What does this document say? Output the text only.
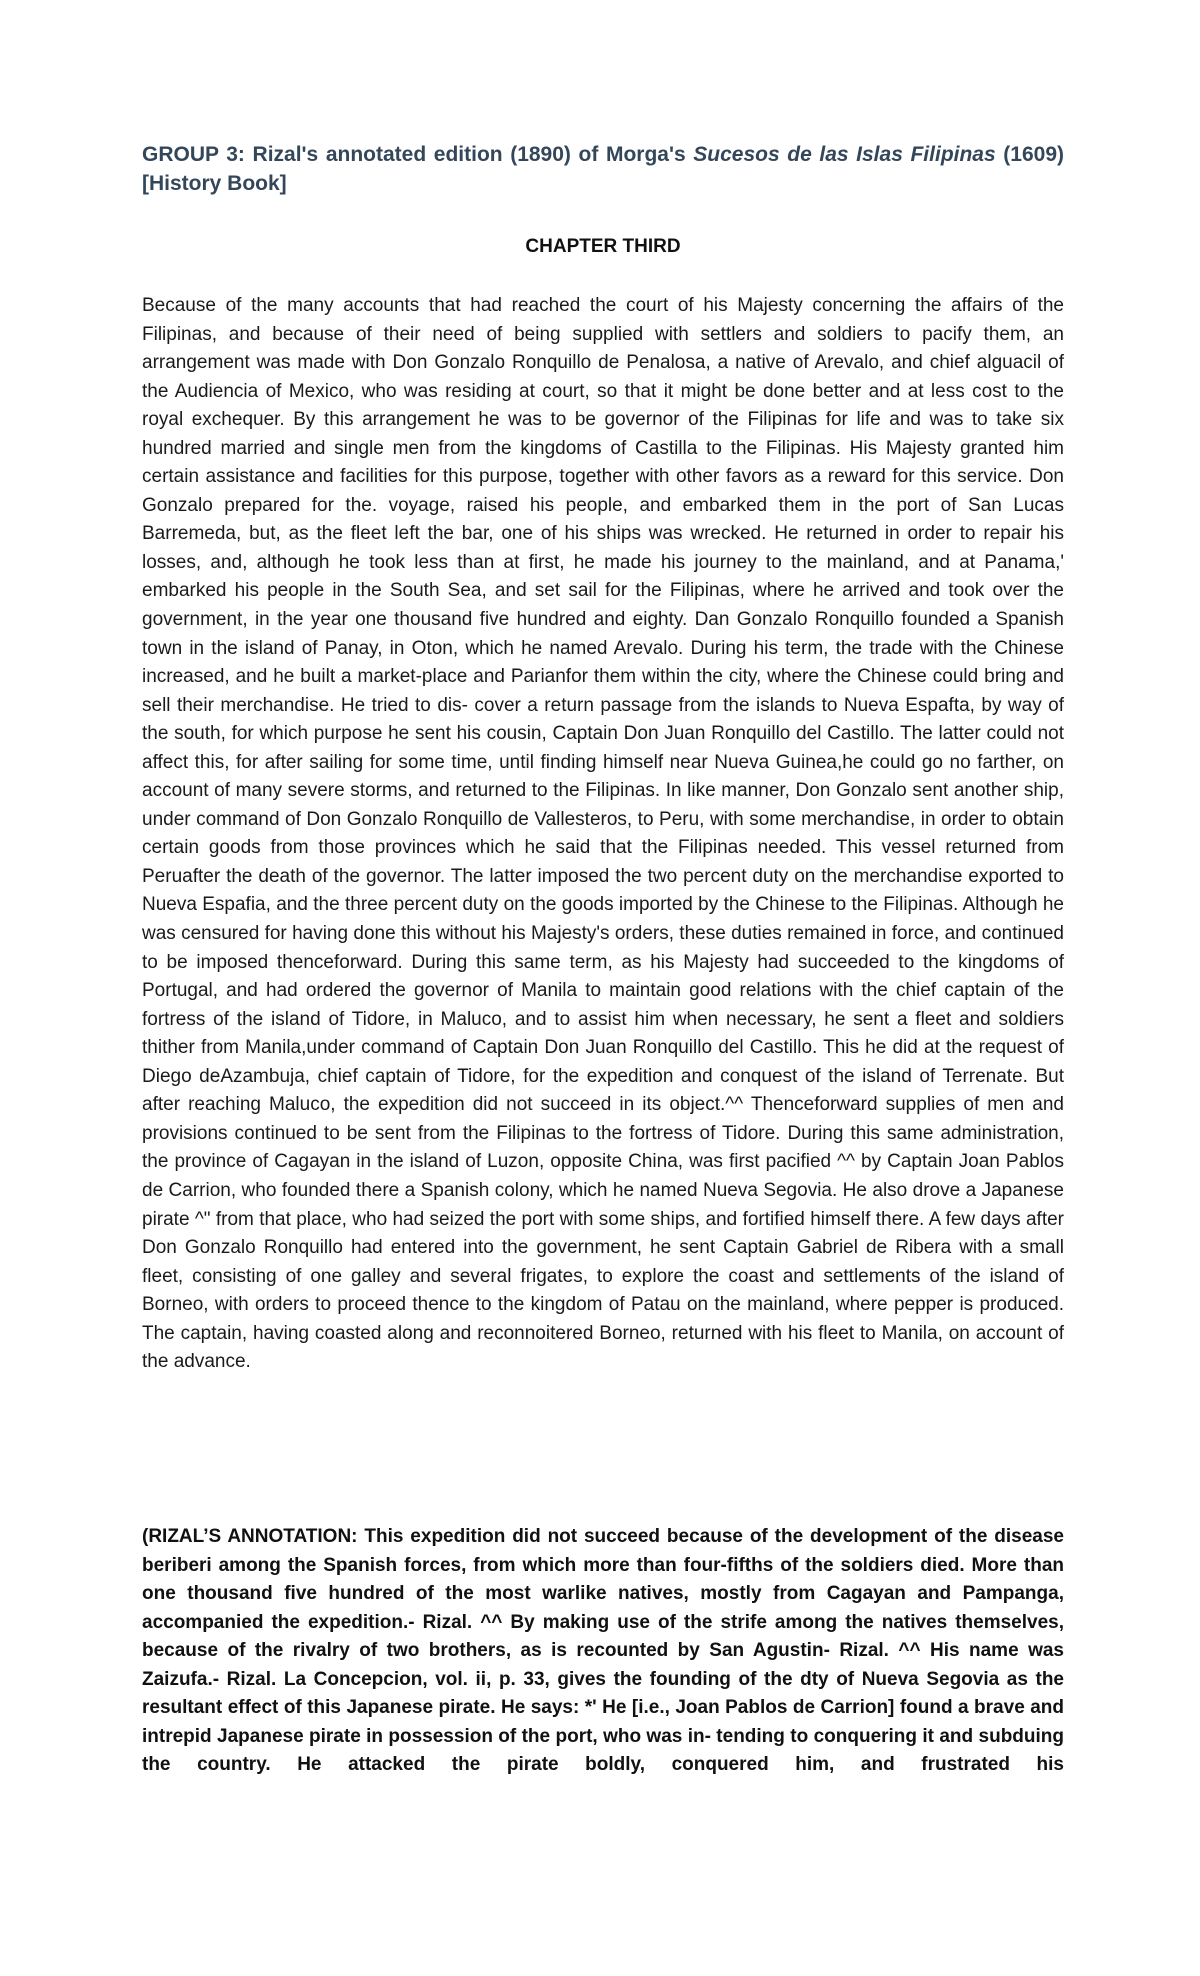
GROUP 3: Rizal's annotated edition (1890) of Morga's Sucesos de las Islas Filipinas (1609) [History Book]
CHAPTER THIRD

Because of the many accounts that had reached the court of his Majesty concerning the affairs of the Filipinas, and because of their need of being supplied with settlers and soldiers to pacify them, an arrangement was made with Don Gonzalo Ronquillo de Penalosa, a native of Arevalo, and chief alguacil of the Audiencia of Mexico, who was residing at court, so that it might be done better and at less cost to the royal exchequer. By this arrangement he was to be governor of the Filipinas for life and was to take six hundred married and single men from the kingdoms of Castilla to the Filipinas. His Majesty granted him certain assistance and facilities for this purpose, together with other favors as a reward for this service. Don Gonzalo prepared for the. voyage, raised his people, and embarked them in the port of San Lucas Barremeda, but, as the fleet left the bar, one of his ships was wrecked. He returned in order to repair his losses, and, although he took less than at first, he made his journey to the mainland, and at Panama,' embarked his people in the South Sea, and set sail for the Filipinas, where he arrived and took over the government, in the year one thousand five hundred and eighty. Dan Gonzalo Ronquillo founded a Spanish town in the island of Panay, in Oton, which he named Arevalo. During his term, the trade with the Chinese increased, and he built a market-place and Parianfor them within the city, where the Chinese could bring and sell their merchandise. He tried to dis- cover a return passage from the islands to Nueva Espafta, by way of the south, for which purpose he sent his cousin, Captain Don Juan Ronquillo del Castillo. The latter could not affect this, for after sailing for some time, until finding himself near Nueva Guinea,he could go no farther, on account of many severe storms, and returned to the Filipinas. In like manner, Don Gonzalo sent another ship, under command of Don Gonzalo Ronquillo de Vallesteros, to Peru, with some merchandise, in order to obtain certain goods from those provinces which he said that the Filipinas needed. This vessel returned from Peruafter the death of the governor. The latter imposed the two percent duty on the merchandise exported to Nueva Espafia, and the three percent duty on the goods imported by the Chinese to the Filipinas. Although he was censured for having done this without his Majesty's orders, these duties remained in force, and continued to be imposed thenceforward. During this same term, as his Majesty had succeeded to the kingdoms of Portugal, and had ordered the governor of Manila to maintain good relations with the chief captain of the fortress of the island of Tidore, in Maluco, and to assist him when necessary, he sent a fleet and soldiers thither from Manila,under command of Captain Don Juan Ronquillo del Castillo. This he did at the request of Diego deAzambuja, chief captain of Tidore, for the expedition and conquest of the island of Terrenate. But after reaching Maluco, the expedition did not succeed in its object.^^ Thenceforward supplies of men and provisions continued to be sent from the Filipinas to the fortress of Tidore. During this same administration, the province of Cagayan in the island of Luzon, opposite China, was first pacified ^^ by Captain Joan Pablos de Carrion, who founded there a Spanish colony, which he named Nueva Segovia. He also drove a Japanese pirate ^" from that place, who had seized the port with some ships, and fortified himself there. A few days after Don Gonzalo Ronquillo had entered into the government, he sent Captain Gabriel de Ribera with a small fleet, consisting of one galley and several frigates, to explore the coast and settlements of the island of Borneo, with orders to proceed thence to the kingdom of Patau on the mainland, where pepper is produced. The captain, having coasted along and reconnoitered Borneo, returned with his fleet to Manila, on account of the advance.

(RIZAL’S ANNOTATION: This expedition did not succeed because of the development of the disease beriberi among the Spanish forces, from which more than four-fifths of the soldiers died. More than one thousand five hundred of the most warlike natives, mostly from Cagayan and Pampanga, accompanied the expedition.- Rizal. ^^ By making use of the strife among the natives themselves, because of the rivalry of two brothers, as is recounted by San Agustin- Rizal. ^^ His name was Zaizufa.- Rizal. La Concepcion, vol. ii, p. 33, gives the founding of the dty of Nueva Segovia as the resultant effect of this Japanese pirate. He says: *' He [i.e., Joan Pablos de Carrion] found a brave and intrepid Japanese pirate in possession of the port, who was in- tending to conquering it and subduing the country. He attacked the pirate boldly, conquered him, and frustrated his
